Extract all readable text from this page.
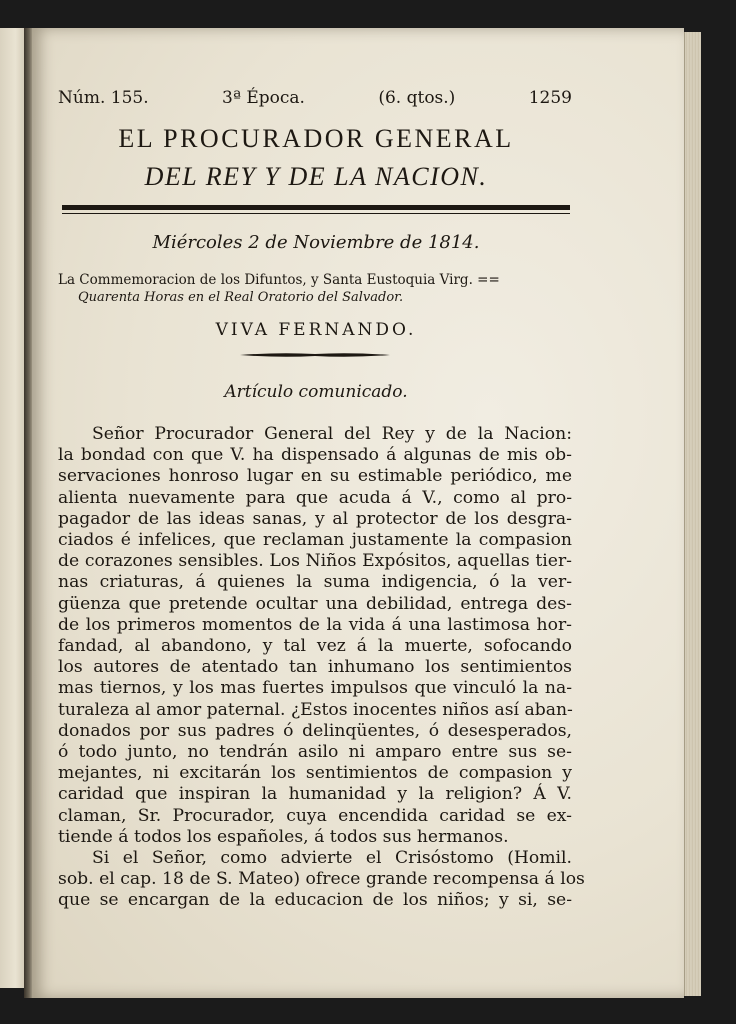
Núm. 155.	3ª Época.	(6. qtos.)	1259
EL PROCURADOR GENERAL
DEL REY Y DE LA NACION.
Miércoles 2 de Noviembre de 1814.
La Commemoracion de los Difuntos, y Santa Eustoquia Virg. ==
Quarenta Horas en el Real Oratorio del Salvador.
VIVA FERNANDO.
Artículo comunicado.
Señor Procurador General del Rey y de la Nacion:
la bondad con que V. ha dispensado á algunas de mis ob-
servaciones honroso lugar en su estimable periódico, me
alienta nuevamente para que acuda á V., como al pro-
pagador de las ideas sanas, y al protector de los desgra-
ciados é infelices, que reclaman justamente la compasion
de corazones sensibles. Los Niños Expósitos, aquellas tier-
nas criaturas, á quienes la suma indigencia, ó la ver-
güenza que pretende ocultar una debilidad, entrega des-
de los primeros momentos de la vida á una lastimosa hor-
fandad, al abandono, y tal vez á la muerte, sofocando
los autores de atentado tan inhumano los sentimientos
mas tiernos, y los mas fuertes impulsos que vinculó la na-
turaleza al amor paternal. ¿Estos inocentes niños así aban-
donados por sus padres ó delinqüentes, ó desesperados,
ó todo junto, no tendrán asilo ni amparo entre sus se-
mejantes, ni excitarán los sentimientos de compasion y
caridad que inspiran la humanidad y la religion? Á V.
claman, Sr. Procurador, cuya encendida caridad se ex-
tiende á todos los españoles, á todos sus hermanos.
Si el Señor, como advierte el Crisóstomo (Homil.
sob. el cap. 18 de S. Mateo) ofrece grande recompensa á los
que se encargan de la educacion de los niños; y si, se-
